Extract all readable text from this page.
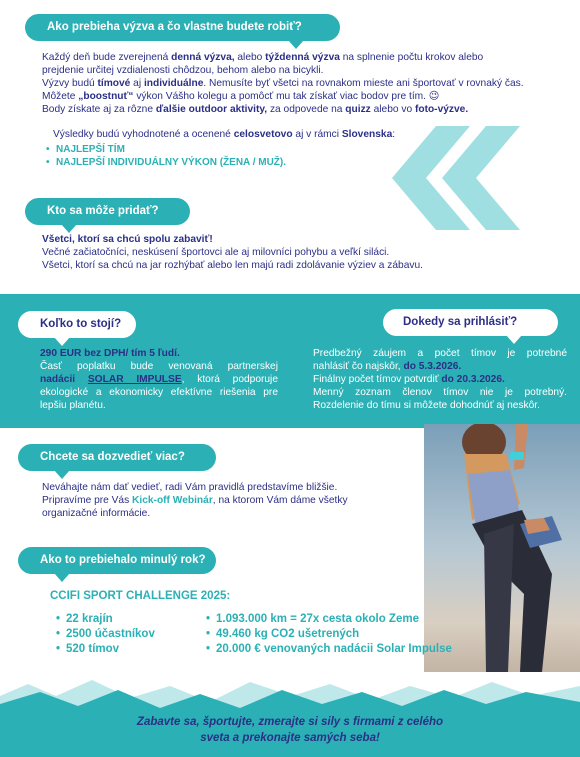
Ako prebieha výzva a čo vlastne budete robiť?
Každý deň bude zverejnená denná výzva, alebo týždenná výzva na splnenie počtu krokov alebo
prejdenie určitej vzdialenosti chôdzou, behom alebo na bicykli.
Výzvy budú tímové aj individuálne. Nemusíte byť všetci na rovnakom mieste ani športovať v rovnaký čas.
Môžete „boostnuť“ výkon Vášho kolegu a pomôcť mu tak získať viac bodov pre tím. 😉
Body získate aj za rôzne ďalšie outdoor aktivity, za odpovede na quizz alebo vo foto-výzve.
Výsledky budú vyhodnotené a ocenené celosvetovo aj v rámci Slovenska:
• NAJLEPŠÍ TÍM
• NAJLEPŠÍ INDIVIDUÁLNY VÝKON (ŽENA / MUŽ).
Kto sa môže pridať?
Všetci, ktorí sa chcú spolu zabaviť!
Večné začiatočníci, neskúsení športovci ale aj milovníci pohybu a veľkí siláci.
Všetci, ktorí sa chcú na jar rozhýbať alebo len majú radi zdolávanie výziev a zábavu.
Koľko to stojí?	Dokedy sa prihlásiť?
290 EUR bez DPH/ tím 5 ľudí.
Časť poplatku bude venovaná partnerskej
nadácii SOLAR IMPULSE, ktorá podporuje
ekologické a ekonomicky efektívne riešenia pre
lepšiu planétu.
Predbežný záujem a počet tímov je potrebné
nahlásiť čo najskôr, do 5.3.2026.
Finálny počet tímov potvrdiť do 20.3.2026.
Menný zoznam členov tímov nie je potrebný.
Rozdelenie do tímu si môžete dohodnúť aj neskôr.
Chcete sa dozvedieť viac?
Neváhajte nám dať vedieť, radi Vám pravidlá predstavíme bližšie.
Pripravíme pre Vás Kick-off Webinár, na ktorom Vám dáme všetky
organizačné informácie.
Ako to prebiehalo minulý rok?
CCIFI SPORT CHALLENGE 2025:
• 22 krajín
• 2500 účastníkov
• 520 tímov
• 1.093.000 km = 27x cesta okolo Zeme
• 49.460 kg CO2 ušetrených
• 20.000 € venovaných nadácii Solar Impulse
Zabavte sa, športujte, zmerajte si sily s firmami z celého
sveta a prekonajte samých seba!
